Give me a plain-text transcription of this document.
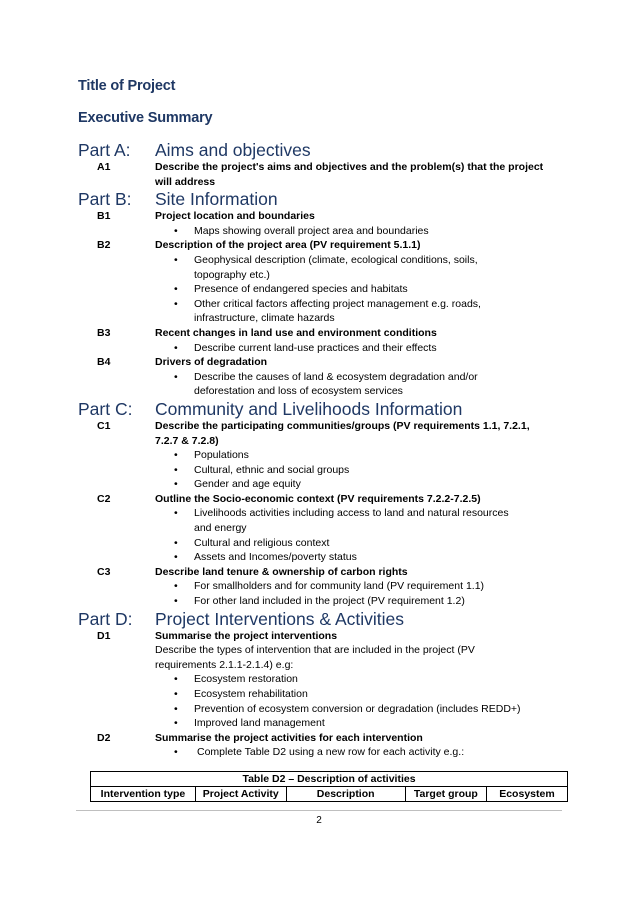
Title of Project
Executive Summary
Part A:	Aims and objectives
A1	Describe the project's aims and objectives and the problem(s) that the project
will address
Part B:	Site Information
B1	Project location and boundaries
• Maps showing overall project area and boundaries
B2	Description of the project area (PV requirement 5.1.1)
• Geophysical description (climate, ecological conditions, soils,
topography etc.)
• Presence of endangered species and habitats
• Other critical factors affecting project management e.g. roads,
infrastructure, climate hazards
B3	Recent changes in land use and environment conditions
• Describe current land-use practices and their effects
B4	Drivers of degradation
• Describe the causes of land & ecosystem degradation and/or
deforestation and loss of ecosystem services
Part C:	Community and Livelihoods Information
C1	Describe the participating communities/groups (PV requirements 1.1, 7.2.1,
7.2.7 & 7.2.8)
• Populations
• Cultural, ethnic and social groups
• Gender and age equity
C2	Outline the Socio-economic context (PV requirements 7.2.2-7.2.5)
• Livelihoods activities including access to land and natural resources
and energy
• Cultural and religious context
• Assets and Incomes/poverty status
C3	Describe land tenure & ownership of carbon rights
• For smallholders and for community land (PV requirement 1.1)
• For other land included in the project (PV requirement 1.2)
Part D:	Project Interventions & Activities
D1	Summarise the project interventions
Describe the types of intervention that are included in the project (PV
requirements 2.1.1-2.1.4) e.g:
• Ecosystem restoration
• Ecosystem rehabilitation
• Prevention of ecosystem conversion or degradation (includes REDD+)
• Improved land management
D2	Summarise the project activities for each intervention
• Complete Table D2 using a new row for each activity e.g.:
Table D2 – Description of activities
Intervention type	Project Activity	Description	Target group	Ecosystem
2
